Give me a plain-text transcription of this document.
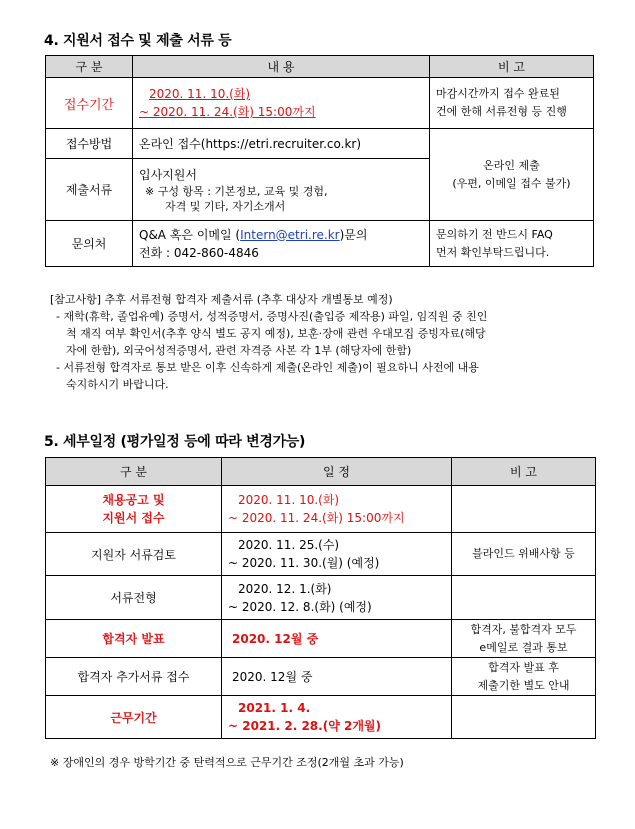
4. 지원서 접수 및 제출 서류 등
구 분	내 용	비 고
접수기간	2020. 11. 10.(화)
~ 2020. 11. 24.(화) 15:00까지	마감시간까지 접수 완료된
건에 한해 서류전형 등 진행

접수방법	온라인 접수(https://etri.recruiter.co.kr)	온라인 제출
(우편, 이메일 접수 불가)

제출서류	입사지원서
※ 구성 항목 : 기본정보, 교육 및 경험,
자격 및 기타, 자기소개서	

문의처	Q&A 혹은 이메일 (Intern@etri.re.kr)문의
전화 : 042-860-4846	문의하기 전 반드시 FAQ
먼저 확인부탁드립니다.
[참고사항] 추후 서류전형 합격자 제출서류 (추후 대상자 개별통보 예정)
- 재학(휴학, 졸업유예) 증명서, 성적증명서, 증명사진(출입증 제작용) 파일, 임직원 중 친인
척 재직 여부 확인서(추후 양식 별도 공지 예정), 보훈·장애 관련 우대모집 증빙자료(해당
자에 한함), 외국어성적증명서, 관련 자격증 사본 각 1부 (해당자에 한함)
- 서류전형 합격자로 통보 받은 이후 신속하게 제출(온라인 제출)이 필요하니 사전에 내용
숙지하시기 바랍니다.
5. 세부일정 (평가일정 등에 따라 변경가능)
구 분	일 정	비 고

채용공고 및
지원서 접수	2020. 11. 10.(화)
~ 2020. 11. 24.(화) 15:00까지	

지원자 서류검토	2020. 11. 25.(수)
~ 2020. 11. 30.(월) (예정)	블라인드 위배사항 등
서류전형	2020. 12. 1.(화)
~ 2020. 12. 8.(화) (예정)	

합격자 발표	2020. 12월 중	합격자, 불합격자 모두
e메일로 결과 통보

합격자 추가서류 접수	2020. 12월 중	합격자 발표 후
제출기한 별도 안내

근무기간	2021. 1. 4.
~ 2021. 2. 28.(약 2개월)	

※ 장애인의 경우 방학기간 중 탄력적으로 근무기간 조정(2개월 초과 가능)
